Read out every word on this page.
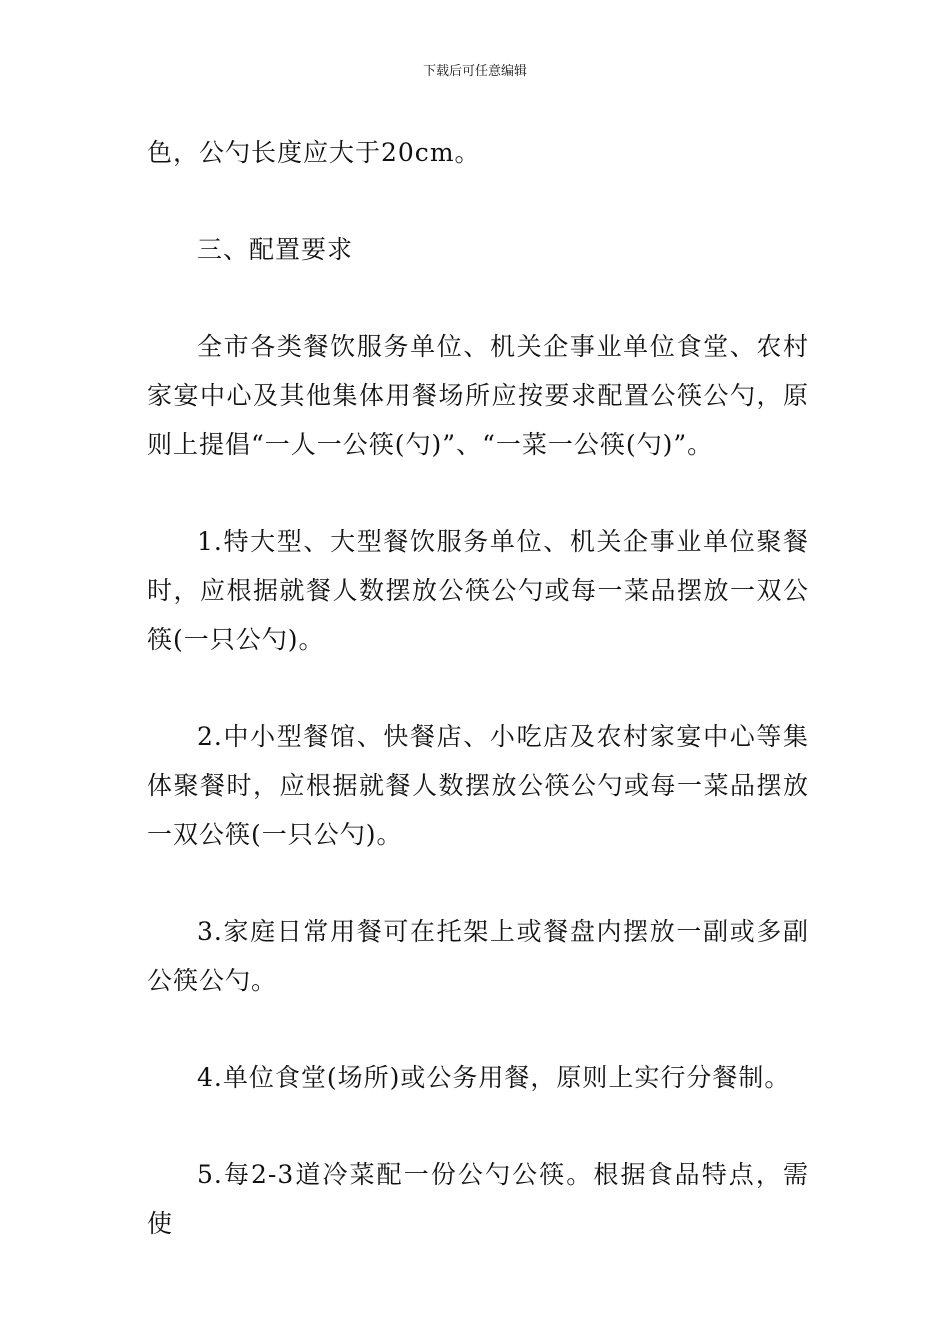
下载后可任意编辑

色，公勺长度应大于20cm。

三、配置要求

全市各类餐饮服务单位、机关企事业单位食堂、农村家宴中心及其他集体用餐场所应按要求配置公筷公勺，原则上提倡“一人一公筷(勺)”、“一菜一公筷(勺)”。

1.特大型、大型餐饮服务单位、机关企事业单位聚餐时，应根据就餐人数摆放公筷公勺或每一菜品摆放一双公筷(一只公勺)。

2.中小型餐馆、快餐店、小吃店及农村家宴中心等集体聚餐时，应根据就餐人数摆放公筷公勺或每一菜品摆放一双公筷(一只公勺)。

3.家庭日常用餐可在托架上或餐盘内摆放一副或多副公筷公勺。

4.单位食堂(场所)或公务用餐，原则上实行分餐制。

5.每2-3道冷菜配一份公勺公筷。根据食品特点，需使
